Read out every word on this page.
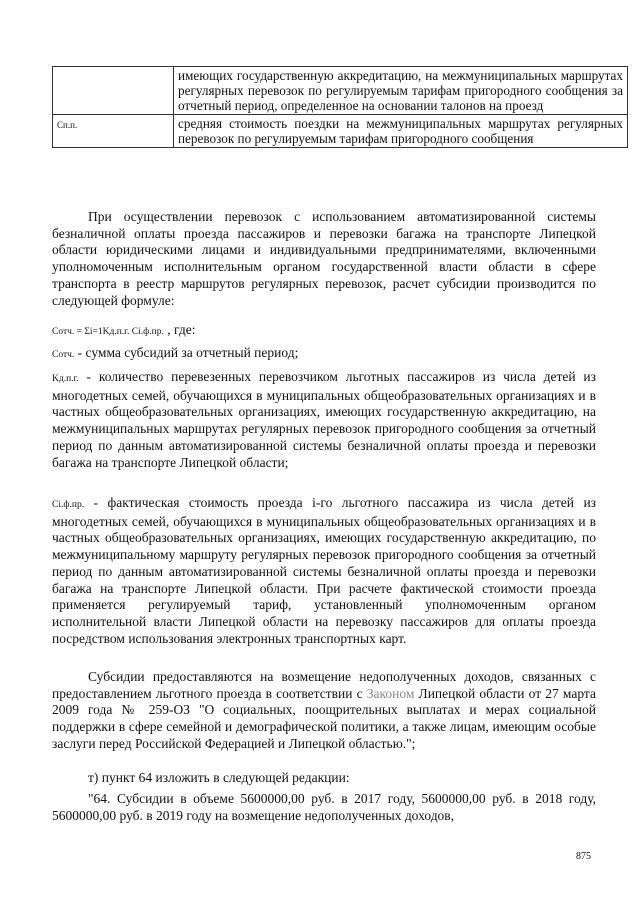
	имеющих государственную аккредитацию, на межмуниципальных маршрутах регулярных перевозок по регулируемым тарифам пригородного сообщения за отчетный период, определенное на основании талонов на проезд
Cп.п.	средняя стоимость поездки на межмуниципальных маршрутах регулярных перевозок по регулируемым тарифам пригородного сообщения

При осуществлении перевозок с использованием автоматизированной системы безналичной оплаты проезда пассажиров и перевозки багажа на транспорте Липецкой области юридическими лицами и индивидуальными предпринимателями, включенными уполномоченным исполнительным органом государственной власти области в сфере транспорта в реестр маршрутов регулярных перевозок, расчет субсидии производится по следующей формуле:

Cотч. = Σi=1Kд.п.г. Ci.ф.пр. , где:

Cотч. - сумма субсидий за отчетный период;

Kд.п.г. - количество перевезенных перевозчиком льготных пассажиров из числа детей из многодетных семей, обучающихся в муниципальных общеобразовательных организациях и в частных общеобразовательных организациях, имеющих государственную аккредитацию, на межмуниципальных маршрутах регулярных перевозок пригородного сообщения за отчетный период по данным автоматизированной системы безналичной оплаты проезда и перевозки багажа на транспорте Липецкой области;

Ci.ф.пр. - фактическая стоимость проезда i-го льготного пассажира из числа детей из многодетных семей, обучающихся в муниципальных общеобразовательных организациях и в частных общеобразовательных организациях, имеющих государственную аккредитацию, по межмуниципальному маршруту регулярных перевозок пригородного сообщения за отчетный период по данным автоматизированной системы безналичной оплаты проезда и перевозки багажа на транспорте Липецкой области. При расчете фактической стоимости проезда применяется регулируемый тариф, установленный уполномоченным органом исполнительной власти Липецкой области на перевозку пассажиров для оплаты проезда посредством использования электронных транспортных карт.

Субсидии предоставляются на возмещение недополученных доходов, связанных с предоставлением льготного проезда в соответствии с Законом Липецкой области от 27 марта 2009 года № 259-ОЗ "О социальных, поощрительных выплатах и мерах социальной поддержки в сфере семейной и демографической политики, а также лицам, имеющим особые заслуги перед Российской Федерацией и Липецкой областью.";

т) пункт 64 изложить в следующей редакции:

"64. Субсидии в объеме 5600000,00 руб. в 2017 году, 5600000,00 руб. в 2018 году, 5600000,00 руб. в 2019 году на возмещение недополученных доходов,

875
